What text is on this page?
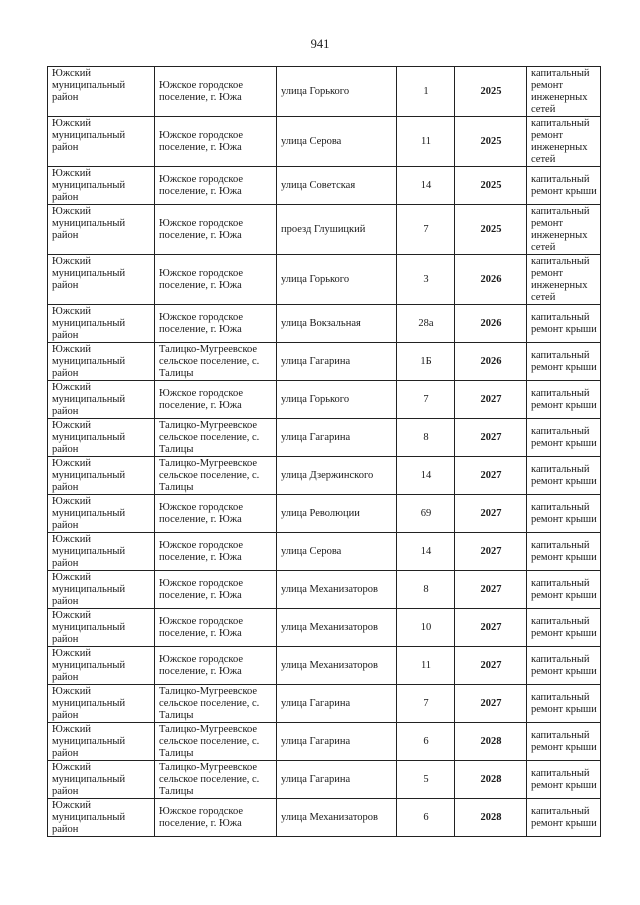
941
Южский муниципальный район	Южское городское поселение, г. Южа	улица Горького	1	2025	капитальный ремонт инженерных сетей
Южский муниципальный район	Южское городское поселение, г. Южа	улица Серова	11	2025	капитальный ремонт инженерных сетей
Южский муниципальный район	Южское городское поселение, г. Южа	улица Советская	14	2025	капитальный ремонт крыши
Южский муниципальный район	Южское городское поселение, г. Южа	проезд Глушицкий	7	2025	капитальный ремонт инженерных сетей
Южский муниципальный район	Южское городское поселение, г. Южа	улица Горького	3	2026	капитальный ремонт инженерных сетей
Южский муниципальный район	Южское городское поселение, г. Южа	улица Вокзальная	28а	2026	капитальный ремонт крыши
Южский муниципальный район	Талицко-Мугреевское сельское поселение, с. Талицы	улица Гагарина	1Б	2026	капитальный ремонт крыши
Южский муниципальный район	Южское городское поселение, г. Южа	улица Горького	7	2027	капитальный ремонт крыши
Южский муниципальный район	Талицко-Мугреевское сельское поселение, с. Талицы	улица Гагарина	8	2027	капитальный ремонт крыши
Южский муниципальный район	Талицко-Мугреевское сельское поселение, с. Талицы	улица Дзержинского	14	2027	капитальный ремонт крыши
Южский муниципальный район	Южское городское поселение, г. Южа	улица Революции	69	2027	капитальный ремонт крыши
Южский муниципальный район	Южское городское поселение, г. Южа	улица Серова	14	2027	капитальный ремонт крыши
Южский муниципальный район	Южское городское поселение, г. Южа	улица Механизаторов	8	2027	капитальный ремонт крыши
Южский муниципальный район	Южское городское поселение, г. Южа	улица Механизаторов	10	2027	капитальный ремонт крыши
Южский муниципальный район	Южское городское поселение, г. Южа	улица Механизаторов	11	2027	капитальный ремонт крыши
Южский муниципальный район	Талицко-Мугреевское сельское поселение, с. Талицы	улица Гагарина	7	2027	капитальный ремонт крыши
Южский муниципальный район	Талицко-Мугреевское сельское поселение, с. Талицы	улица Гагарина	6	2028	капитальный ремонт крыши
Южский муниципальный район	Талицко-Мугреевское сельское поселение, с. Талицы	улица Гагарина	5	2028	капитальный ремонт крыши
Южский муниципальный район	Южское городское поселение, г. Южа	улица Механизаторов	6	2028	капитальный ремонт крыши
